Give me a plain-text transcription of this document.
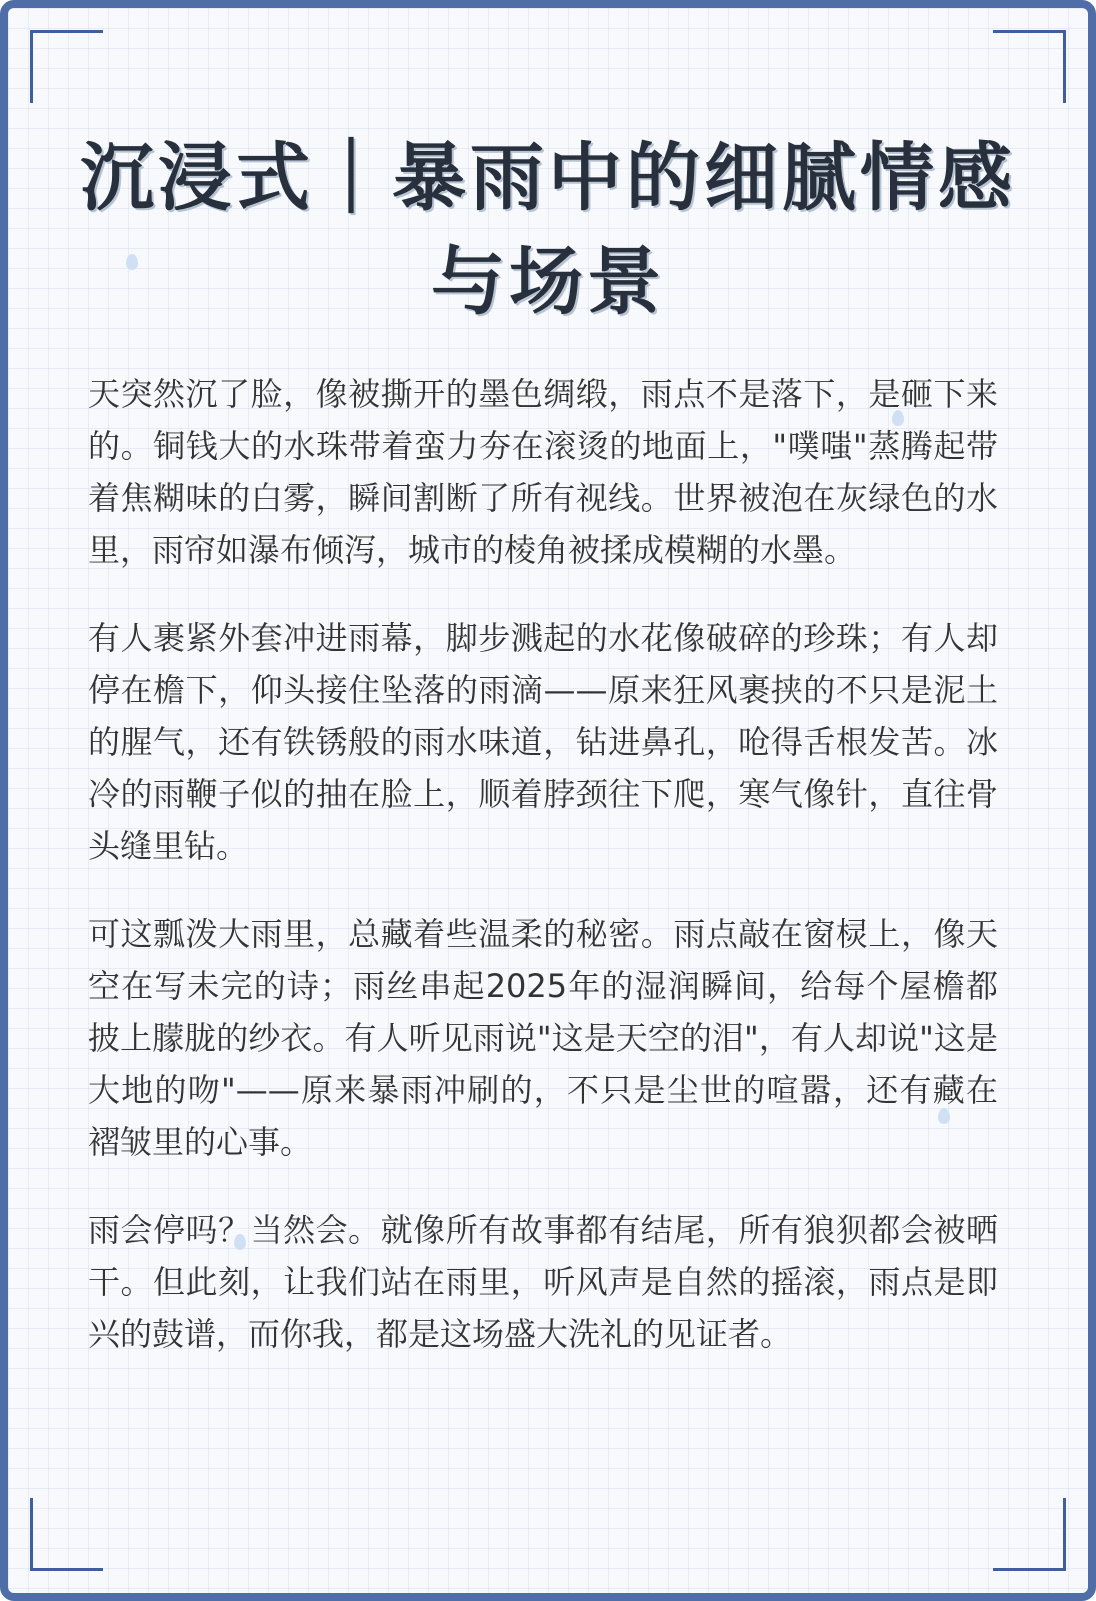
沉浸式｜暴雨中的细腻情感与场景

天突然沉了脸，像被撕开的墨色绸缎，雨点不是落下，是砸下来的。铜钱大的水珠带着蛮力夯在滚烫的地面上，"噗嗤"蒸腾起带着焦糊味的白雾，瞬间割断了所有视线。世界被泡在灰绿色的水里，雨帘如瀑布倾泻，城市的棱角被揉成模糊的水墨。

有人裹紧外套冲进雨幕，脚步溅起的水花像破碎的珍珠；有人却停在檐下，仰头接住坠落的雨滴——原来狂风裹挟的不只是泥土的腥气，还有铁锈般的雨水味道，钻进鼻孔，呛得舌根发苦。冰冷的雨鞭子似的抽在脸上，顺着脖颈往下爬，寒气像针，直往骨头缝里钻。

可这瓢泼大雨里，总藏着些温柔的秘密。雨点敲在窗棂上，像天空在写未完的诗；雨丝串起2025年的湿润瞬间，给每个屋檐都披上朦胧的纱衣。有人听见雨说"这是天空的泪"，有人却说"这是大地的吻"——原来暴雨冲刷的，不只是尘世的喧嚣，还有藏在褶皱里的心事。

雨会停吗？当然会。就像所有故事都有结尾，所有狼狈都会被晒干。但此刻，让我们站在雨里，听风声是自然的摇滚，雨点是即兴的鼓谱，而你我，都是这场盛大洗礼的见证者。
